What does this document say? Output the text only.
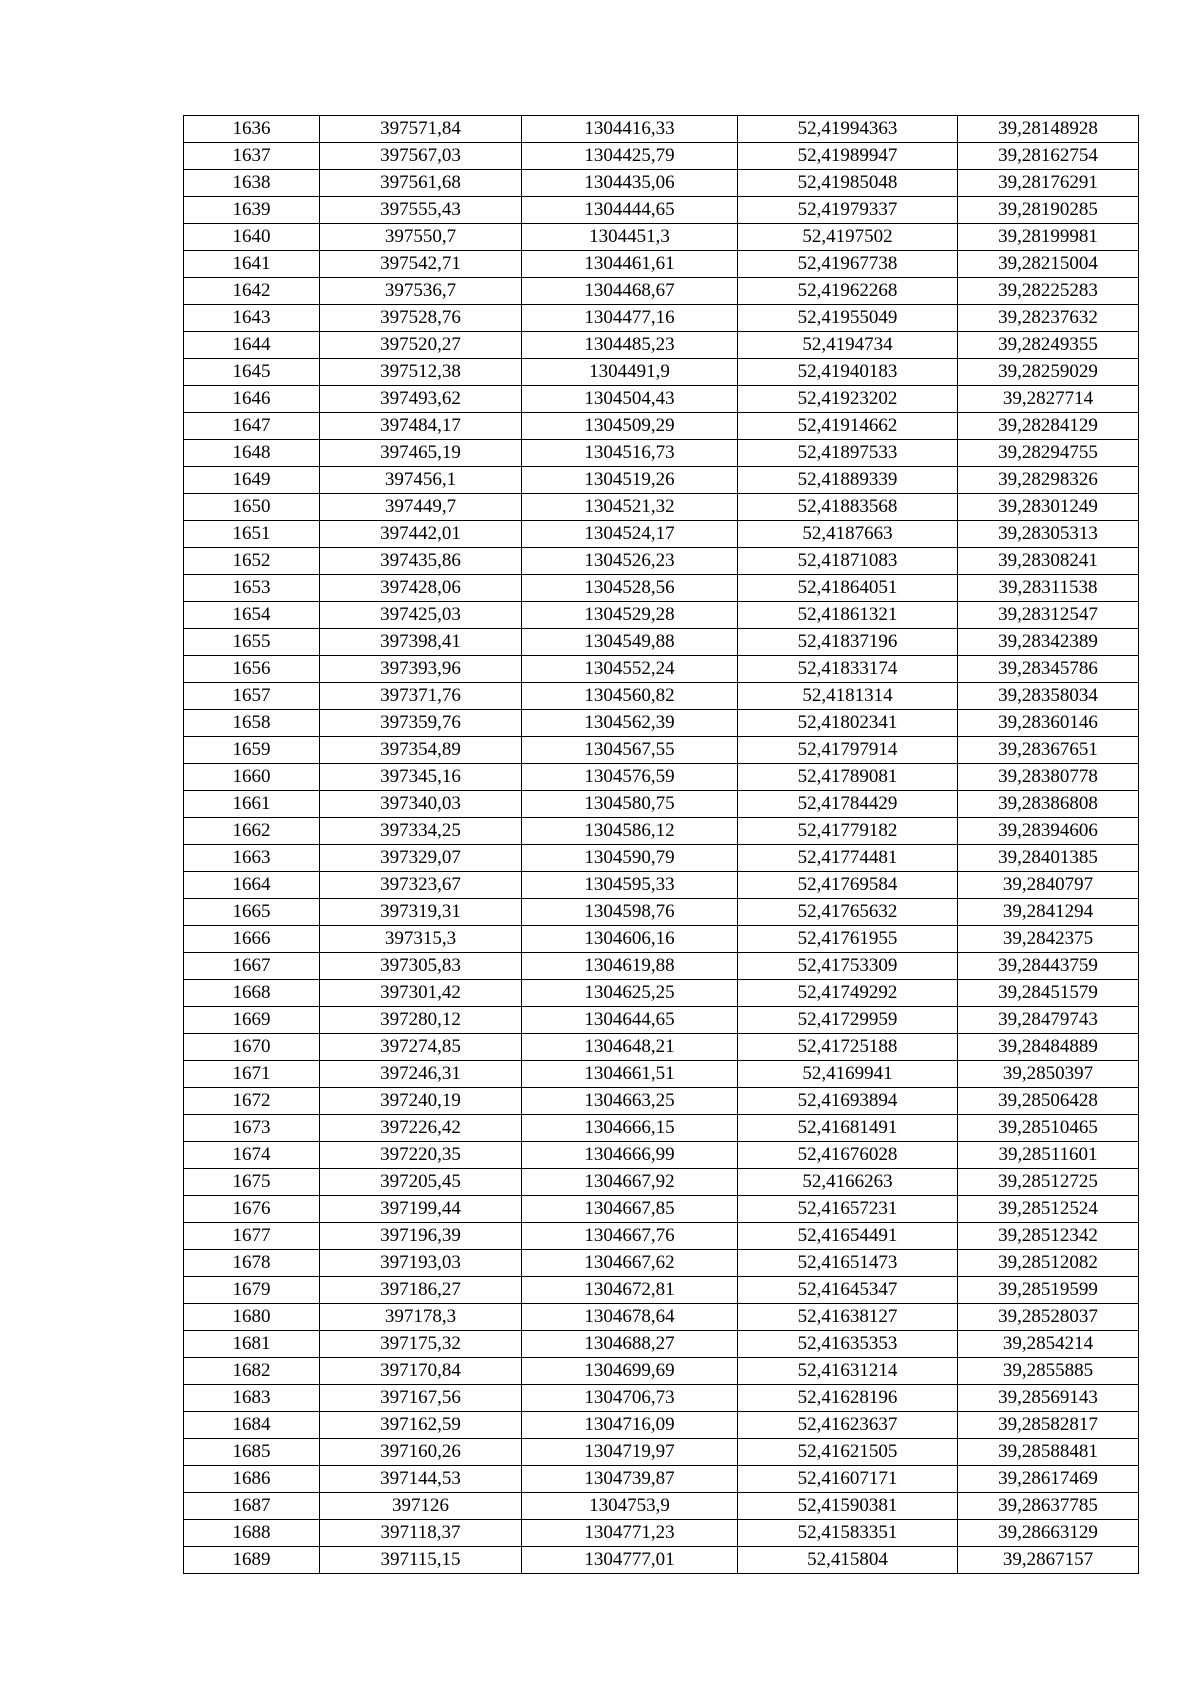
1636	397571,84	1304416,33	52,41994363	39,28148928
1637	397567,03	1304425,79	52,41989947	39,28162754
1638	397561,68	1304435,06	52,41985048	39,28176291
1639	397555,43	1304444,65	52,41979337	39,28190285
1640	397550,7	1304451,3	52,4197502	39,28199981
1641	397542,71	1304461,61	52,41967738	39,28215004
1642	397536,7	1304468,67	52,41962268	39,28225283
1643	397528,76	1304477,16	52,41955049	39,28237632
1644	397520,27	1304485,23	52,4194734	39,28249355
1645	397512,38	1304491,9	52,41940183	39,28259029
1646	397493,62	1304504,43	52,41923202	39,2827714
1647	397484,17	1304509,29	52,41914662	39,28284129
1648	397465,19	1304516,73	52,41897533	39,28294755
1649	397456,1	1304519,26	52,41889339	39,28298326
1650	397449,7	1304521,32	52,41883568	39,28301249
1651	397442,01	1304524,17	52,4187663	39,28305313
1652	397435,86	1304526,23	52,41871083	39,28308241
1653	397428,06	1304528,56	52,41864051	39,28311538
1654	397425,03	1304529,28	52,41861321	39,28312547
1655	397398,41	1304549,88	52,41837196	39,28342389
1656	397393,96	1304552,24	52,41833174	39,28345786
1657	397371,76	1304560,82	52,4181314	39,28358034
1658	397359,76	1304562,39	52,41802341	39,28360146
1659	397354,89	1304567,55	52,41797914	39,28367651
1660	397345,16	1304576,59	52,41789081	39,28380778
1661	397340,03	1304580,75	52,41784429	39,28386808
1662	397334,25	1304586,12	52,41779182	39,28394606
1663	397329,07	1304590,79	52,41774481	39,28401385
1664	397323,67	1304595,33	52,41769584	39,2840797
1665	397319,31	1304598,76	52,41765632	39,2841294
1666	397315,3	1304606,16	52,41761955	39,2842375
1667	397305,83	1304619,88	52,41753309	39,28443759
1668	397301,42	1304625,25	52,41749292	39,28451579
1669	397280,12	1304644,65	52,41729959	39,28479743
1670	397274,85	1304648,21	52,41725188	39,28484889
1671	397246,31	1304661,51	52,4169941	39,2850397
1672	397240,19	1304663,25	52,41693894	39,28506428
1673	397226,42	1304666,15	52,41681491	39,28510465
1674	397220,35	1304666,99	52,41676028	39,28511601
1675	397205,45	1304667,92	52,4166263	39,28512725
1676	397199,44	1304667,85	52,41657231	39,28512524
1677	397196,39	1304667,76	52,41654491	39,28512342
1678	397193,03	1304667,62	52,41651473	39,28512082
1679	397186,27	1304672,81	52,41645347	39,28519599
1680	397178,3	1304678,64	52,41638127	39,28528037
1681	397175,32	1304688,27	52,41635353	39,2854214
1682	397170,84	1304699,69	52,41631214	39,2855885
1683	397167,56	1304706,73	52,41628196	39,28569143
1684	397162,59	1304716,09	52,41623637	39,28582817
1685	397160,26	1304719,97	52,41621505	39,28588481
1686	397144,53	1304739,87	52,41607171	39,28617469
1687	397126	1304753,9	52,41590381	39,28637785
1688	397118,37	1304771,23	52,41583351	39,28663129
1689	397115,15	1304777,01	52,415804	39,2867157
